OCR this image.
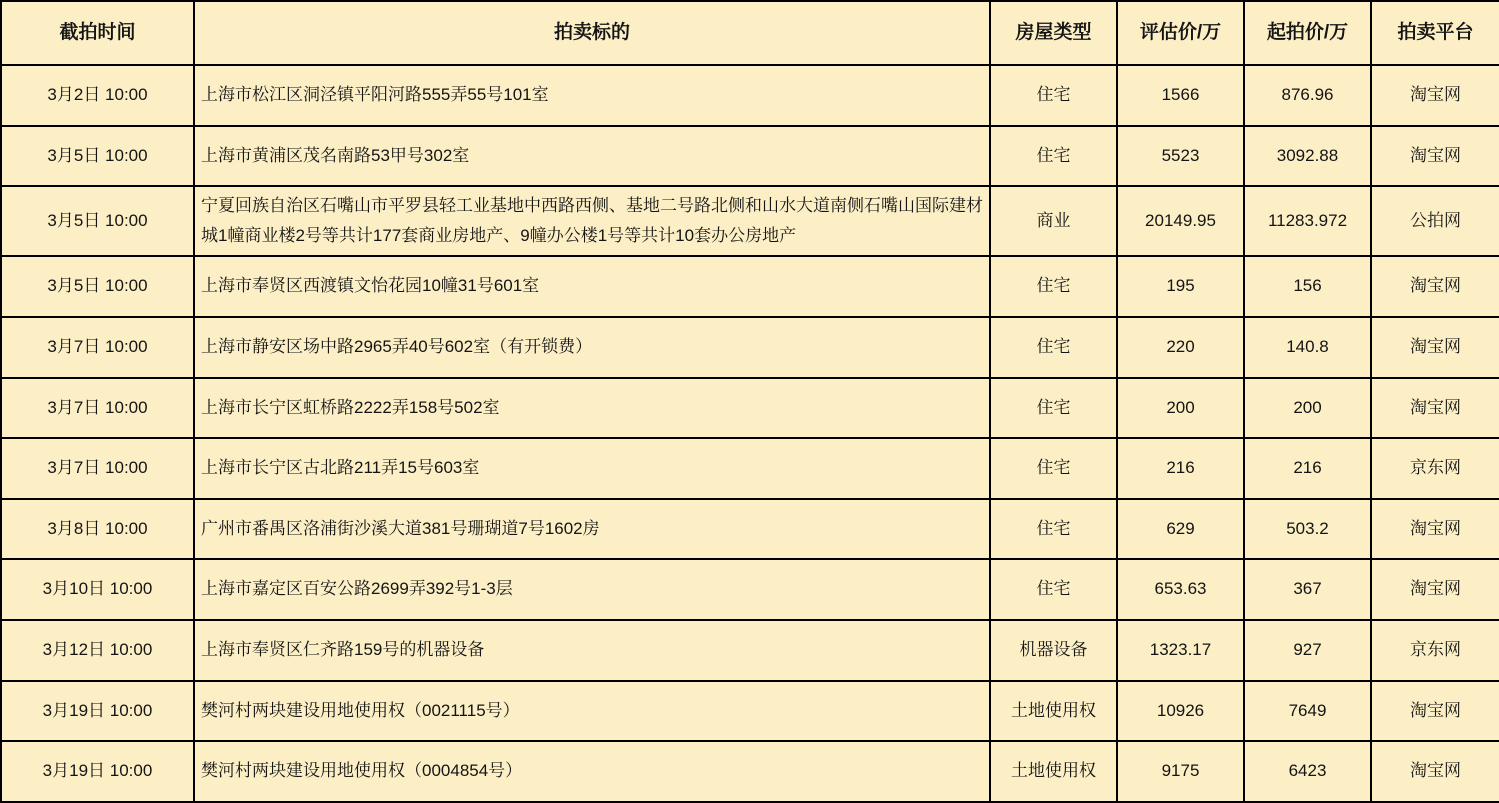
截拍时间	拍卖标的	房屋类型	评估价/万	起拍价/万	拍卖平台
3月2日 10:00	上海市松江区洞泾镇平阳河路555弄55号101室	住宅	1566	876.96	淘宝网
3月5日 10:00	上海市黄浦区茂名南路53甲号302室	住宅	5523	3092.88	淘宝网
3月5日 10:00	宁夏回族自治区石嘴山市平罗县轻工业基地中西路西侧、基地二号路北侧和山水大道南侧石嘴山国际建材城1幢商业楼2号等共计177套商业房地产、9幢办公楼1号等共计10套办公房地产	商业	20149.95	11283.972	公拍网
3月5日 10:00	上海市奉贤区西渡镇文怡花园10幢31号601室	住宅	195	156	淘宝网
3月7日 10:00	上海市静安区场中路2965弄40号602室（有开锁费）	住宅	220	140.8	淘宝网
3月7日 10:00	上海市长宁区虹桥路2222弄158号502室	住宅	200	200	淘宝网
3月7日 10:00	上海市长宁区古北路211弄15号603室	住宅	216	216	京东网
3月8日 10:00	广州市番禺区洛浦街沙溪大道381号珊瑚道7号1602房	住宅	629	503.2	淘宝网
3月10日 10:00	上海市嘉定区百安公路2699弄392号1-3层	住宅	653.63	367	淘宝网
3月12日 10:00	上海市奉贤区仁齐路159号的机器设备	机器设备	1323.17	927	京东网
3月19日 10:00	樊河村两块建设用地使用权（0021115号）	土地使用权	10926	7649	淘宝网
3月19日 10:00	樊河村两块建设用地使用权（0004854号）	土地使用权	9175	6423	淘宝网
